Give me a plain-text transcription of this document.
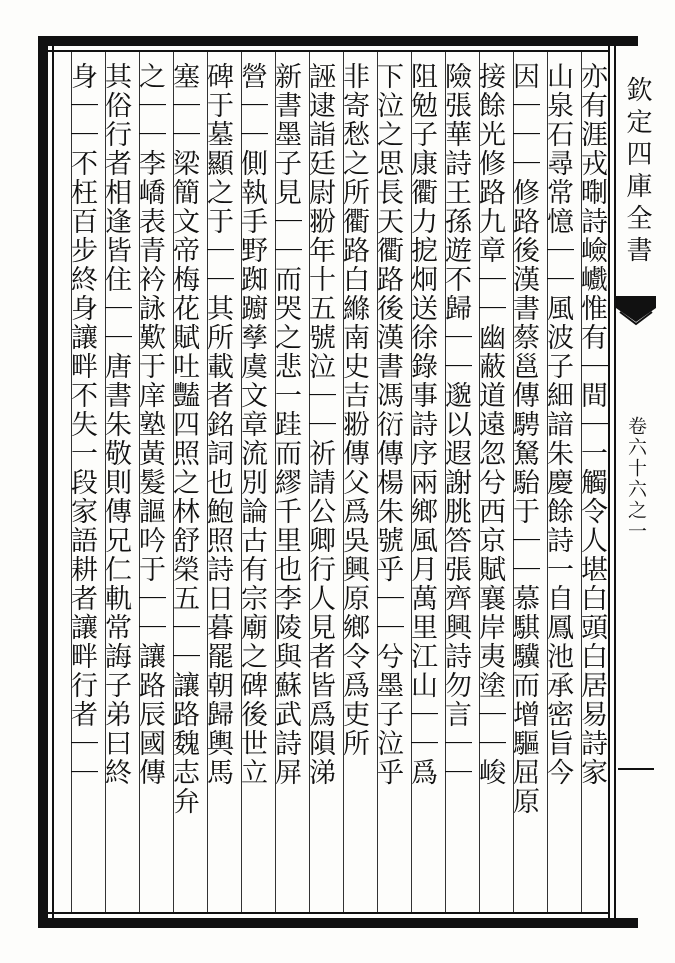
亦有涯戎㫼詩嶮巇惟有｜間｜一觸令人堪白頭白居易詩家
山泉石尋常憶｜｜風波子細諳朱慶餘詩一自鳳池承密旨今
因｜｜｜修路後漢書蔡邕傳騁駑駘于｜｜慕騏驥而增驅屈原
接餘光修路九章｜｜幽蔽道遠忽兮西京賦襄岸夷塗｜｜峻
險張華詩王孫遊不歸｜｜邈以遐謝朓答張齊興詩勿言｜｜
阻勉子康衢力㧖炯送徐錄事詩序兩鄉風月萬里江山｜｜爲
下泣之思長天衢路後漢書馮衍傳楊朱號乎｜｜兮墨子泣乎
非寄愁之所衢路白縧南史吉翂傳父爲吳興原鄉令爲吏所
誣逮詣廷尉翂年十五號泣｜｜祈請公卿行人見者皆爲隕涕
新書墨子見｜｜而哭之悲一跬而繆千里也李陵與蘇武詩屏
營｜｜側執手野踟躕孳虞文章流別論古有宗廟之碑後世立
碑于墓顯之于｜｜其所載者銘詞也鮑照詩日暮罷朝歸輿馬
塞｜｜梁簡文帝梅花賦吐豔四照之林舒榮五｜｜讓路魏志弁
之｜｜李嶠表青衿詠歎于庠塾黃髮謳吟于｜｜讓路辰國傳
其俗行者相逢皆住｜｜唐書朱敬則傳兄仁軌常誨子弟曰終
身｜｜不枉百步終身讓畔不失一段家語耕者讓畔行者｜｜	欽定四庫全書
卷六十六之一
